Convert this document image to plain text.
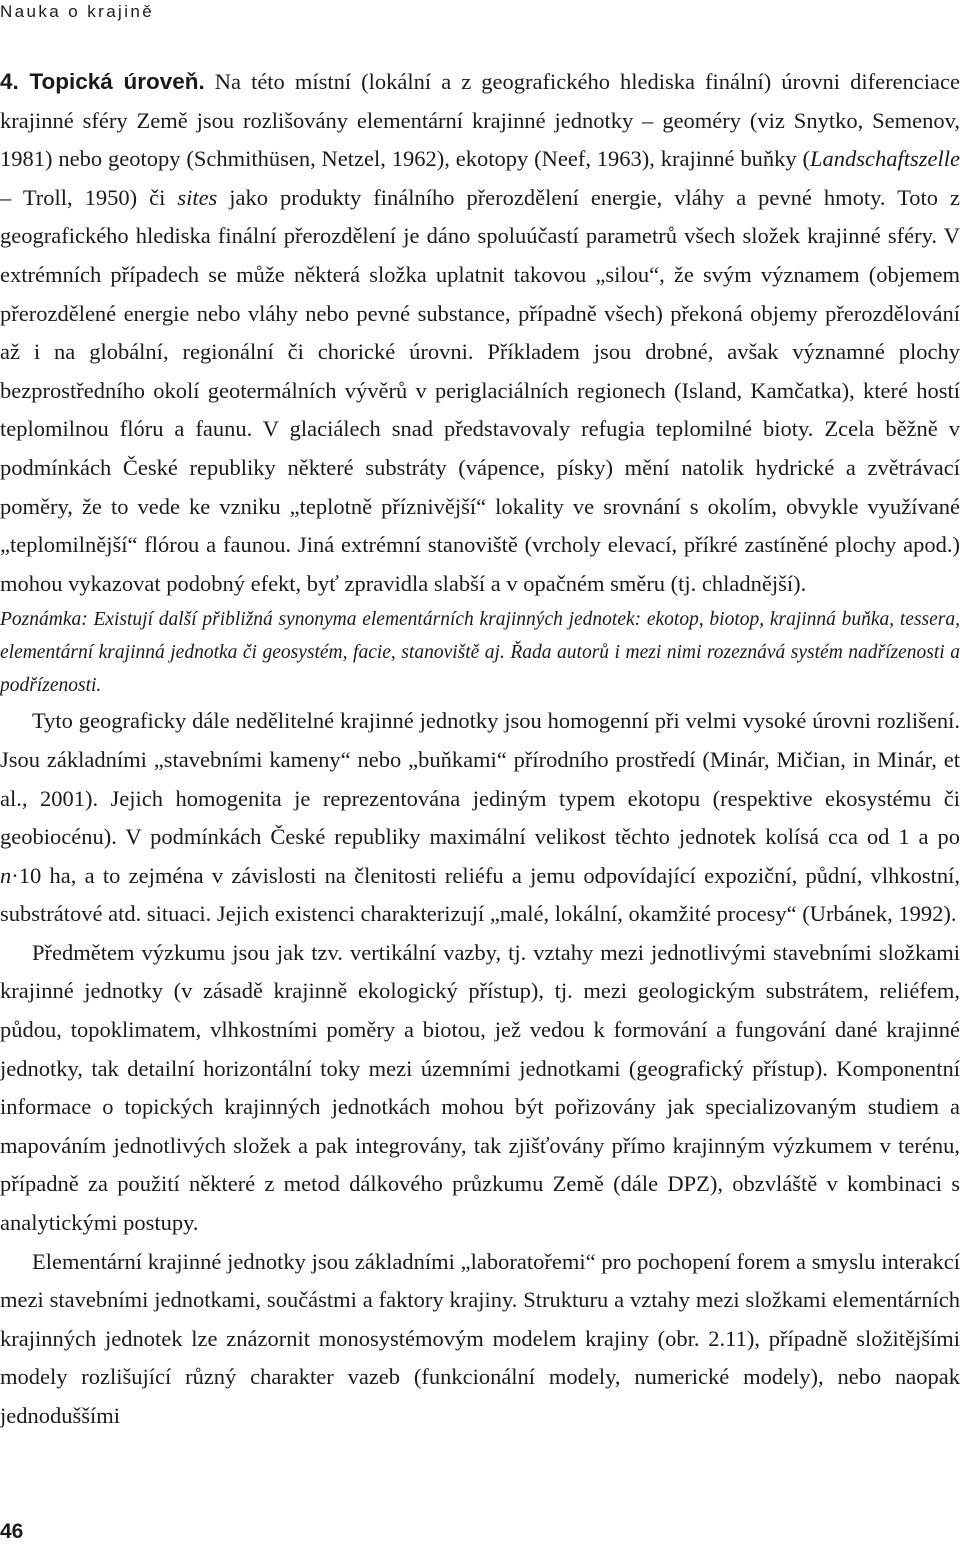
Nauka o krajině

4. Topická úroveň. Na této místní (lokální a z geografického hlediska finální) úrovni diferenciace krajinné sféry Země jsou rozlišovány elementární krajinné jednotky – geoméry (viz Snytko, Semenov, 1981) nebo geotopy (Schmithüsen, Netzel, 1962), ekotopy (Neef, 1963), krajinné buňky (Landschaftszelle – Troll, 1950) či sites jako produkty finálního přerozdělení energie, vláhy a pevné hmoty. Toto z geografického hlediska finální přerozdělení je dáno spoluúčastí parametrů všech složek krajinné sféry. V extrémních případech se může některá složka uplatnit takovou „silou“, že svým významem (objemem přerozdělené energie nebo vláhy nebo pevné substance, případně všech) překoná objemy přerozdělování až i na globální, regionální či chorické úrovni. Příkladem jsou drobné, avšak významné plochy bezprostředního okolí geotermálních vývěrů v periglaciálních regionech (Island, Kamčatka), které hostí teplomilnou flóru a faunu. V glaciálech snad představovaly refugia teplomilné bioty. Zcela běžně v podmínkách České republiky některé substráty (vápence, písky) mění natolik hydrické a zvětrávací poměry, že to vede ke vzniku „teplotně příznivější“ lokality ve srovnání s okolím, obvykle využívané „teplomilnější“ flórou a faunou. Jiná extrémní stanoviště (vrcholy elevací, příkré zastíněné plochy apod.) mohou vykazovat podobný efekt, byť zpravidla slabší a v opačném směru (tj. chladnější).

Poznámka: Existují další přibližná synonyma elementárních krajinných jednotek: ekotop, biotop, krajinná buňka, tessera, elementární krajinná jednotka či geosystém, facie, stanoviště aj. Řada autorů i mezi nimi rozeznává systém nadřízenosti a podřízenosti.

Tyto geograficky dále nedělitelné krajinné jednotky jsou homogenní při velmi vysoké úrovni rozlišení. Jsou základními „stavebními kameny“ nebo „buňkami“ přírodního prostředí (Minár, Mičian, in Minár, et al., 2001). Jejich homogenita je reprezentována jediným typem ekotopu (respektive ekosystému či geobiocénu). V podmínkách České republiky maximální velikost těchto jednotek kolísá cca od 1 a po n·10 ha, a to zejména v závislosti na členitosti reliéfu a jemu odpovídající expoziční, půdní, vlhkostní, substrátové atd. situaci. Jejich existenci charakterizují „malé, lokální, okamžité procesy“ (Urbánek, 1992).

Předmětem výzkumu jsou jak tzv. vertikální vazby, tj. vztahy mezi jednotlivými stavebními složkami krajinné jednotky (v zásadě krajinně ekologický přístup), tj. mezi geologickým substrátem, reliéfem, půdou, topoklimatem, vlhkostními poměry a biotou, jež vedou k formování a fungování dané krajinné jednotky, tak detailní horizontální toky mezi územními jednotkami (geografický přístup). Komponentní informace o topických krajinných jednotkách mohou být pořizovány jak specializovaným studiem a mapováním jednotlivých složek a pak integrovány, tak zjišťovány přímo krajinným výzkumem v terénu, případně za použití některé z metod dálkového průzkumu Země (dále DPZ), obzvláště v kombinaci s analytickými postupy.

Elementární krajinné jednotky jsou základními „laboratořemi“ pro pochopení forem a smyslu interakcí mezi stavebními jednotkami, součástmi a faktory krajiny. Strukturu a vztahy mezi složkami elementárních krajinných jednotek lze znázornit monosystémovým modelem krajiny (obr. 2.11), případně složitějšími modely rozlišující různý charakter vazeb (funkcionální modely, numerické modely), nebo naopak jednoduššími

46
